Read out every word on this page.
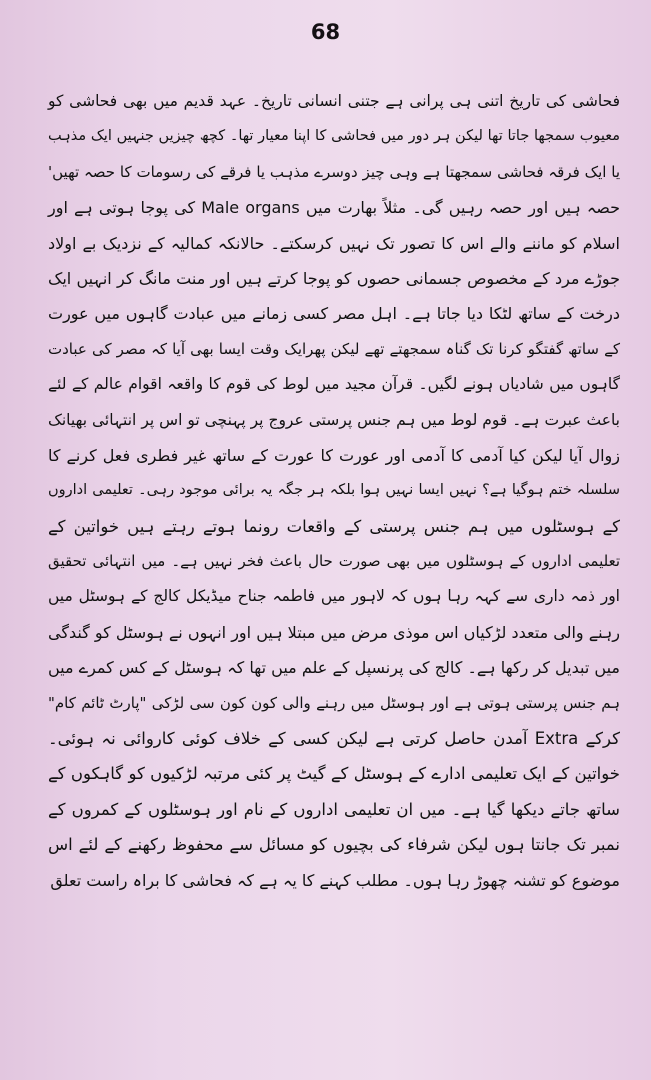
68
فحاشی کی تاریخ اتنی ہی پرانی ہے جتنی انسانی تاریخ۔ عہد قدیم میں بھی فحاشی کو
معیوب سمجھا جاتا تھا لیکن ہر دور میں فحاشی کا اپنا معیار تھا۔ کچھ چیزیں جنہیں ایک مذہب
یا ایک فرقہ فحاشی سمجھتا ہے وہی چیز دوسرے مذہب یا فرقے کی رسومات کا حصہ تھیں'
حصہ ہیں اور حصہ رہیں گی۔ مثلاً بھارت میں Male organs کی پوجا ہوتی ہے اور
اسلام کو ماننے والے اس کا تصور تک نہیں کرسکتے۔ حالانکہ کمالیہ کے نزدیک بے اولاد
جوڑے مرد کے مخصوص جسمانی حصوں کو پوجا کرتے ہیں اور منت مانگ کر انہیں ایک
درخت کے ساتھ لٹکا دیا جاتا ہے۔ اہل مصر کسی زمانے میں عبادت گاہوں میں عورت
کے ساتھ گفتگو کرنا تک گناہ سمجھتے تھے لیکن پھرایک وقت ایسا بھی آیا کہ مصر کی عبادت
گاہوں میں شادیاں ہونے لگیں۔ قرآن مجید میں لوط کی قوم کا واقعہ اقوام عالم کے لئے
باعث عبرت ہے۔ قوم لوط میں ہم جنس پرستی عروج پر پہنچی تو اس پر انتہائی بھیانک
زوال آیا لیکن کیا آدمی کا آدمی اور عورت کا عورت کے ساتھ غیر فطری فعل کرنے کا
سلسلہ ختم ہوگیا ہے؟ نہیں ایسا نہیں ہوا بلکہ ہر جگہ یہ برائی موجود رہی۔ تعلیمی اداروں
کے ہوسٹلوں میں ہم جنس پرستی کے واقعات رونما ہوتے رہتے ہیں خواتین کے
تعلیمی اداروں کے ہوسٹلوں میں بھی صورت حال باعث فخر نہیں ہے۔ میں انتہائی تحقیق
اور ذمہ داری سے کہہ رہا ہوں کہ لاہور میں فاطمہ جناح میڈیکل کالج کے ہوسٹل میں
رہنے والی متعدد لڑکیاں اس موذی مرض میں مبتلا ہیں اور انہوں نے ہوسٹل کو گندگی
میں تبدیل کر رکھا ہے۔ کالج کی پرنسپل کے علم میں تھا کہ ہوسٹل کے کس کمرے میں
ہم جنس پرستی ہوتی ہے اور ہوسٹل میں رہنے والی کون کون سی لڑکی "پارٹ ٹائم کام"
کرکے Extra آمدن حاصل کرتی ہے لیکن کسی کے خلاف کوئی کاروائی نہ ہوئی۔
خواتین کے ایک تعلیمی ادارے کے ہوسٹل کے گیٹ پر کئی مرتبہ لڑکیوں کو گاہکوں کے
ساتھ جاتے دیکھا گیا ہے۔ میں ان تعلیمی اداروں کے نام اور ہوسٹلوں کے کمروں کے
نمبر تک جانتا ہوں لیکن شرفاء کی بچیوں کو مسائل سے محفوظ رکھنے کے لئے اس
موضوع کو تشنہ چھوڑ رہا ہوں۔ مطلب کہنے کا یہ ہے کہ فحاشی کا براہ راست تعلق
